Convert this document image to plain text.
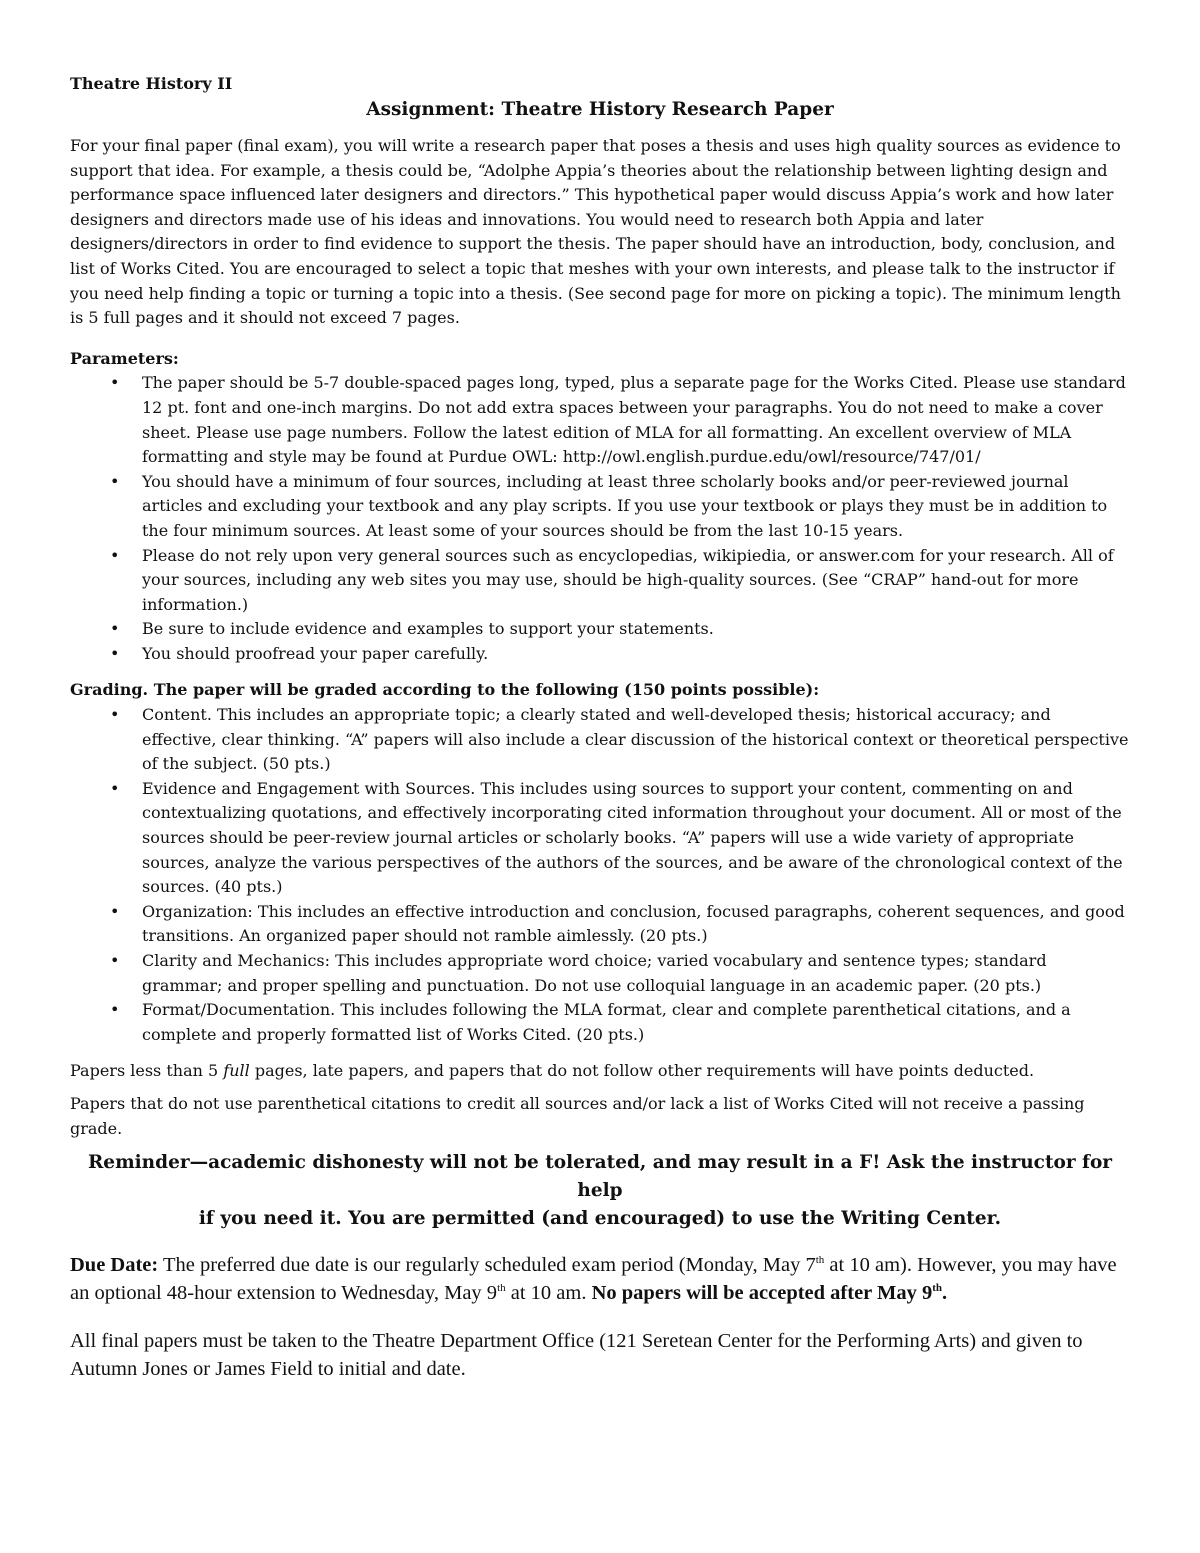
Theatre History II

Assignment: Theatre History Research Paper

For your final paper (final exam), you will write a research paper that poses a thesis and uses high quality sources as evidence to support that idea. For example, a thesis could be, “Adolphe Appia’s theories about the relationship between lighting design and performance space influenced later designers and directors.” This hypothetical paper would discuss Appia’s work and how later designers and directors made use of his ideas and innovations. You would need to research both Appia and later designers/directors in order to find evidence to support the thesis. The paper should have an introduction, body, conclusion, and list of Works Cited. You are encouraged to select a topic that meshes with your own interests, and please talk to the instructor if you need help finding a topic or turning a topic into a thesis. (See second page for more on picking a topic). The minimum length is 5 full pages and it should not exceed 7 pages.

Parameters:

• The paper should be 5-7 double-spaced pages long, typed, plus a separate page for the Works Cited. Please use standard 12 pt. font and one-inch margins. Do not add extra spaces between your paragraphs. You do not need to make a cover sheet. Please use page numbers. Follow the latest edition of MLA for all formatting. An excellent overview of MLA formatting and style may be found at Purdue OWL: http://owl.english.purdue.edu/owl/resource/747/01/
• You should have a minimum of four sources, including at least three scholarly books and/or peer-reviewed journal articles and excluding your textbook and any play scripts. If you use your textbook or plays they must be in addition to the four minimum sources. At least some of your sources should be from the last 10-15 years.
• Please do not rely upon very general sources such as encyclopedias, wikipiedia, or answer.com for your research. All of your sources, including any web sites you may use, should be high-quality sources. (See “CRAP” hand-out for more information.)
• Be sure to include evidence and examples to support your statements.
• You should proofread your paper carefully.

Grading. The paper will be graded according to the following (150 points possible):

• Content. This includes an appropriate topic; a clearly stated and well-developed thesis; historical accuracy; and effective, clear thinking. “A” papers will also include a clear discussion of the historical context or theoretical perspective of the subject. (50 pts.)
• Evidence and Engagement with Sources. This includes using sources to support your content, commenting on and contextualizing quotations, and effectively incorporating cited information throughout your document. All or most of the sources should be peer-review journal articles or scholarly books. “A” papers will use a wide variety of appropriate sources, analyze the various perspectives of the authors of the sources, and be aware of the chronological context of the sources. (40 pts.)
• Organization: This includes an effective introduction and conclusion, focused paragraphs, coherent sequences, and good transitions. An organized paper should not ramble aimlessly. (20 pts.)
• Clarity and Mechanics: This includes appropriate word choice; varied vocabulary and sentence types; standard grammar; and proper spelling and punctuation. Do not use colloquial language in an academic paper. (20 pts.)
• Format/Documentation. This includes following the MLA format, clear and complete parenthetical citations, and a complete and properly formatted list of Works Cited. (20 pts.)

Papers less than 5 full pages, late papers, and papers that do not follow other requirements will have points deducted.

Papers that do not use parenthetical citations to credit all sources and/or lack a list of Works Cited will not receive a passing grade.

Reminder—academic dishonesty will not be tolerated, and may result in a F! Ask the instructor for help
if you need it. You are permitted (and encouraged) to use the Writing Center.

Due Date: The preferred due date is our regularly scheduled exam period (Monday, May 7th at 10 am). However, you may have an optional 48-hour extension to Wednesday, May 9th at 10 am. No papers will be accepted after May 9th.

All final papers must be taken to the Theatre Department Office (121 Seretean Center for the Performing Arts) and given to Autumn Jones or James Field to initial and date.
